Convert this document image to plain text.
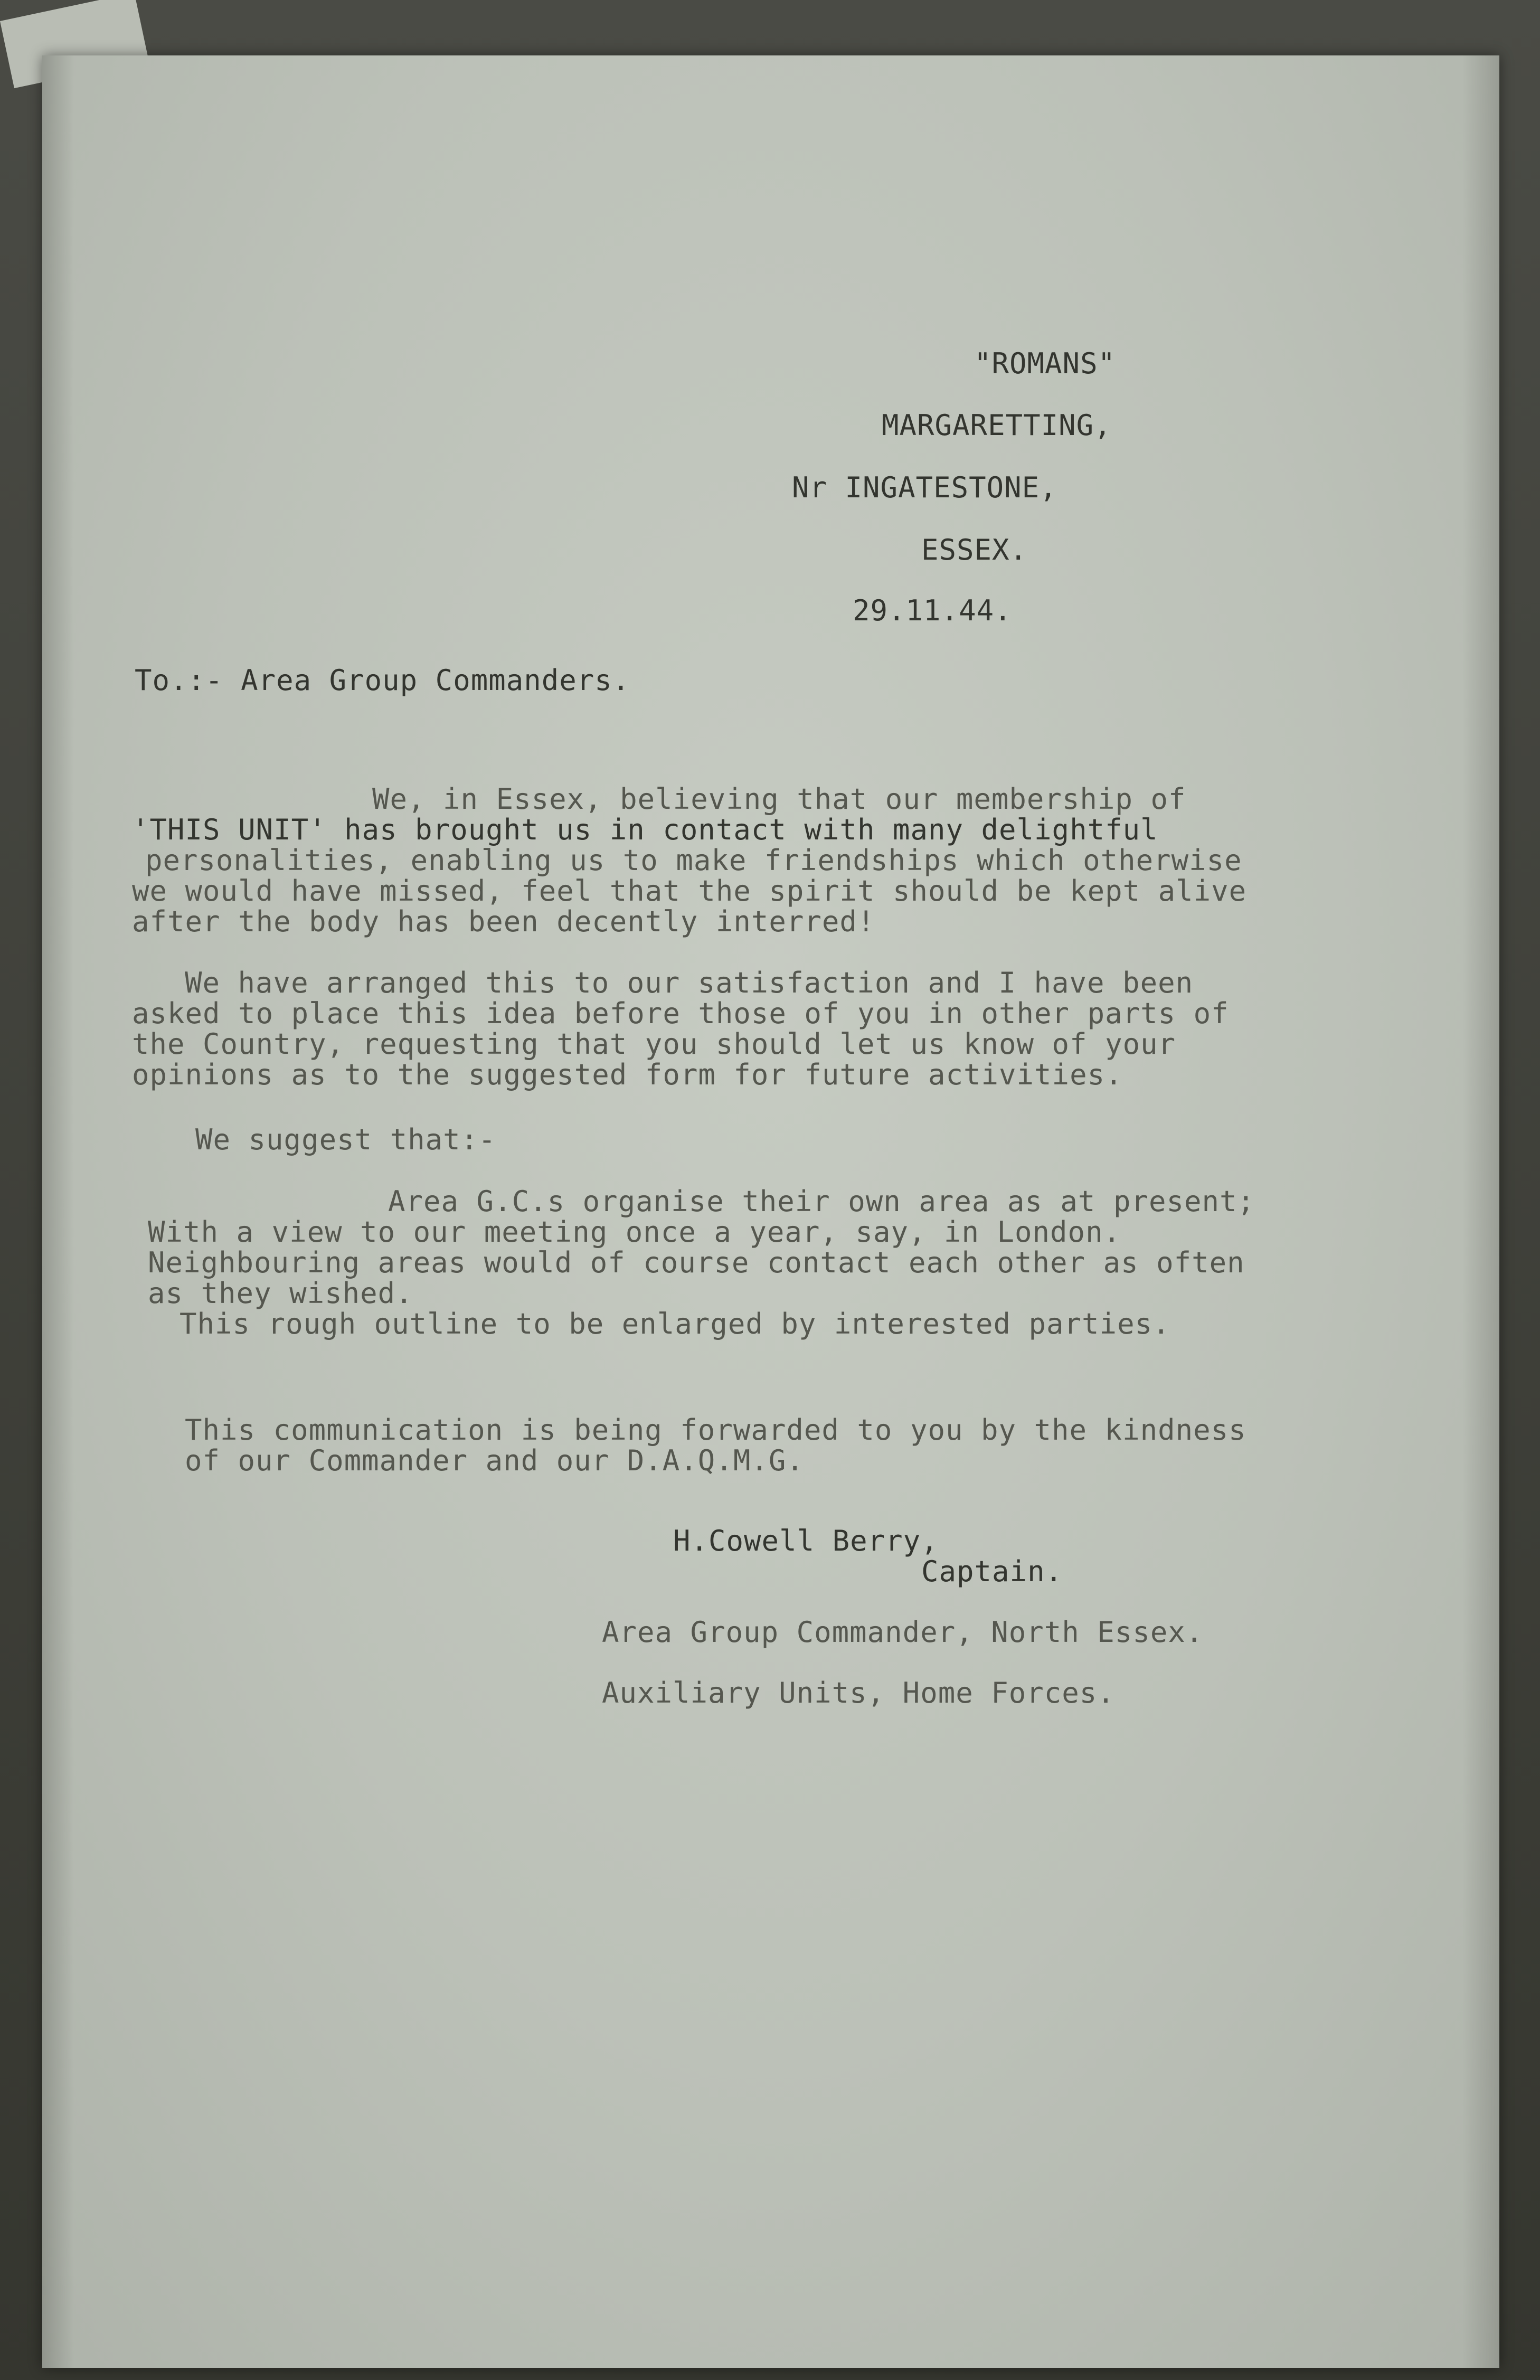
"ROMANS"

MARGARETTING,

Nr INGATESTONE,

ESSEX.

29.11.44.

To.:- Area Group Commanders.

We, in Essex, believing that our membership of
'THIS UNIT' has brought us in contact with many delightful
personalities, enabling us to make friendships which otherwise
we would have missed, feel that the spirit should be kept alive
after the body has been decently interred!
We have arranged this to our satisfaction and I have been
asked to place this idea before those of you in other parts of
the Country, requesting that you should let us know of your
opinions as to the suggested form for future activities.

We suggest that:-

Area G.C.s organise their own area as at present;
With a view to our meeting once a year, say, in London.
Neighbouring areas would of course contact each other as often
as they wished.
This rough outline to be enlarged by interested parties.
This communication is being forwarded to you by the kindness
of our Commander and our D.A.Q.M.G.

H.Cowell Berry,

Captain.

Area Group Commander, North Essex.

Auxiliary Units, Home Forces.
